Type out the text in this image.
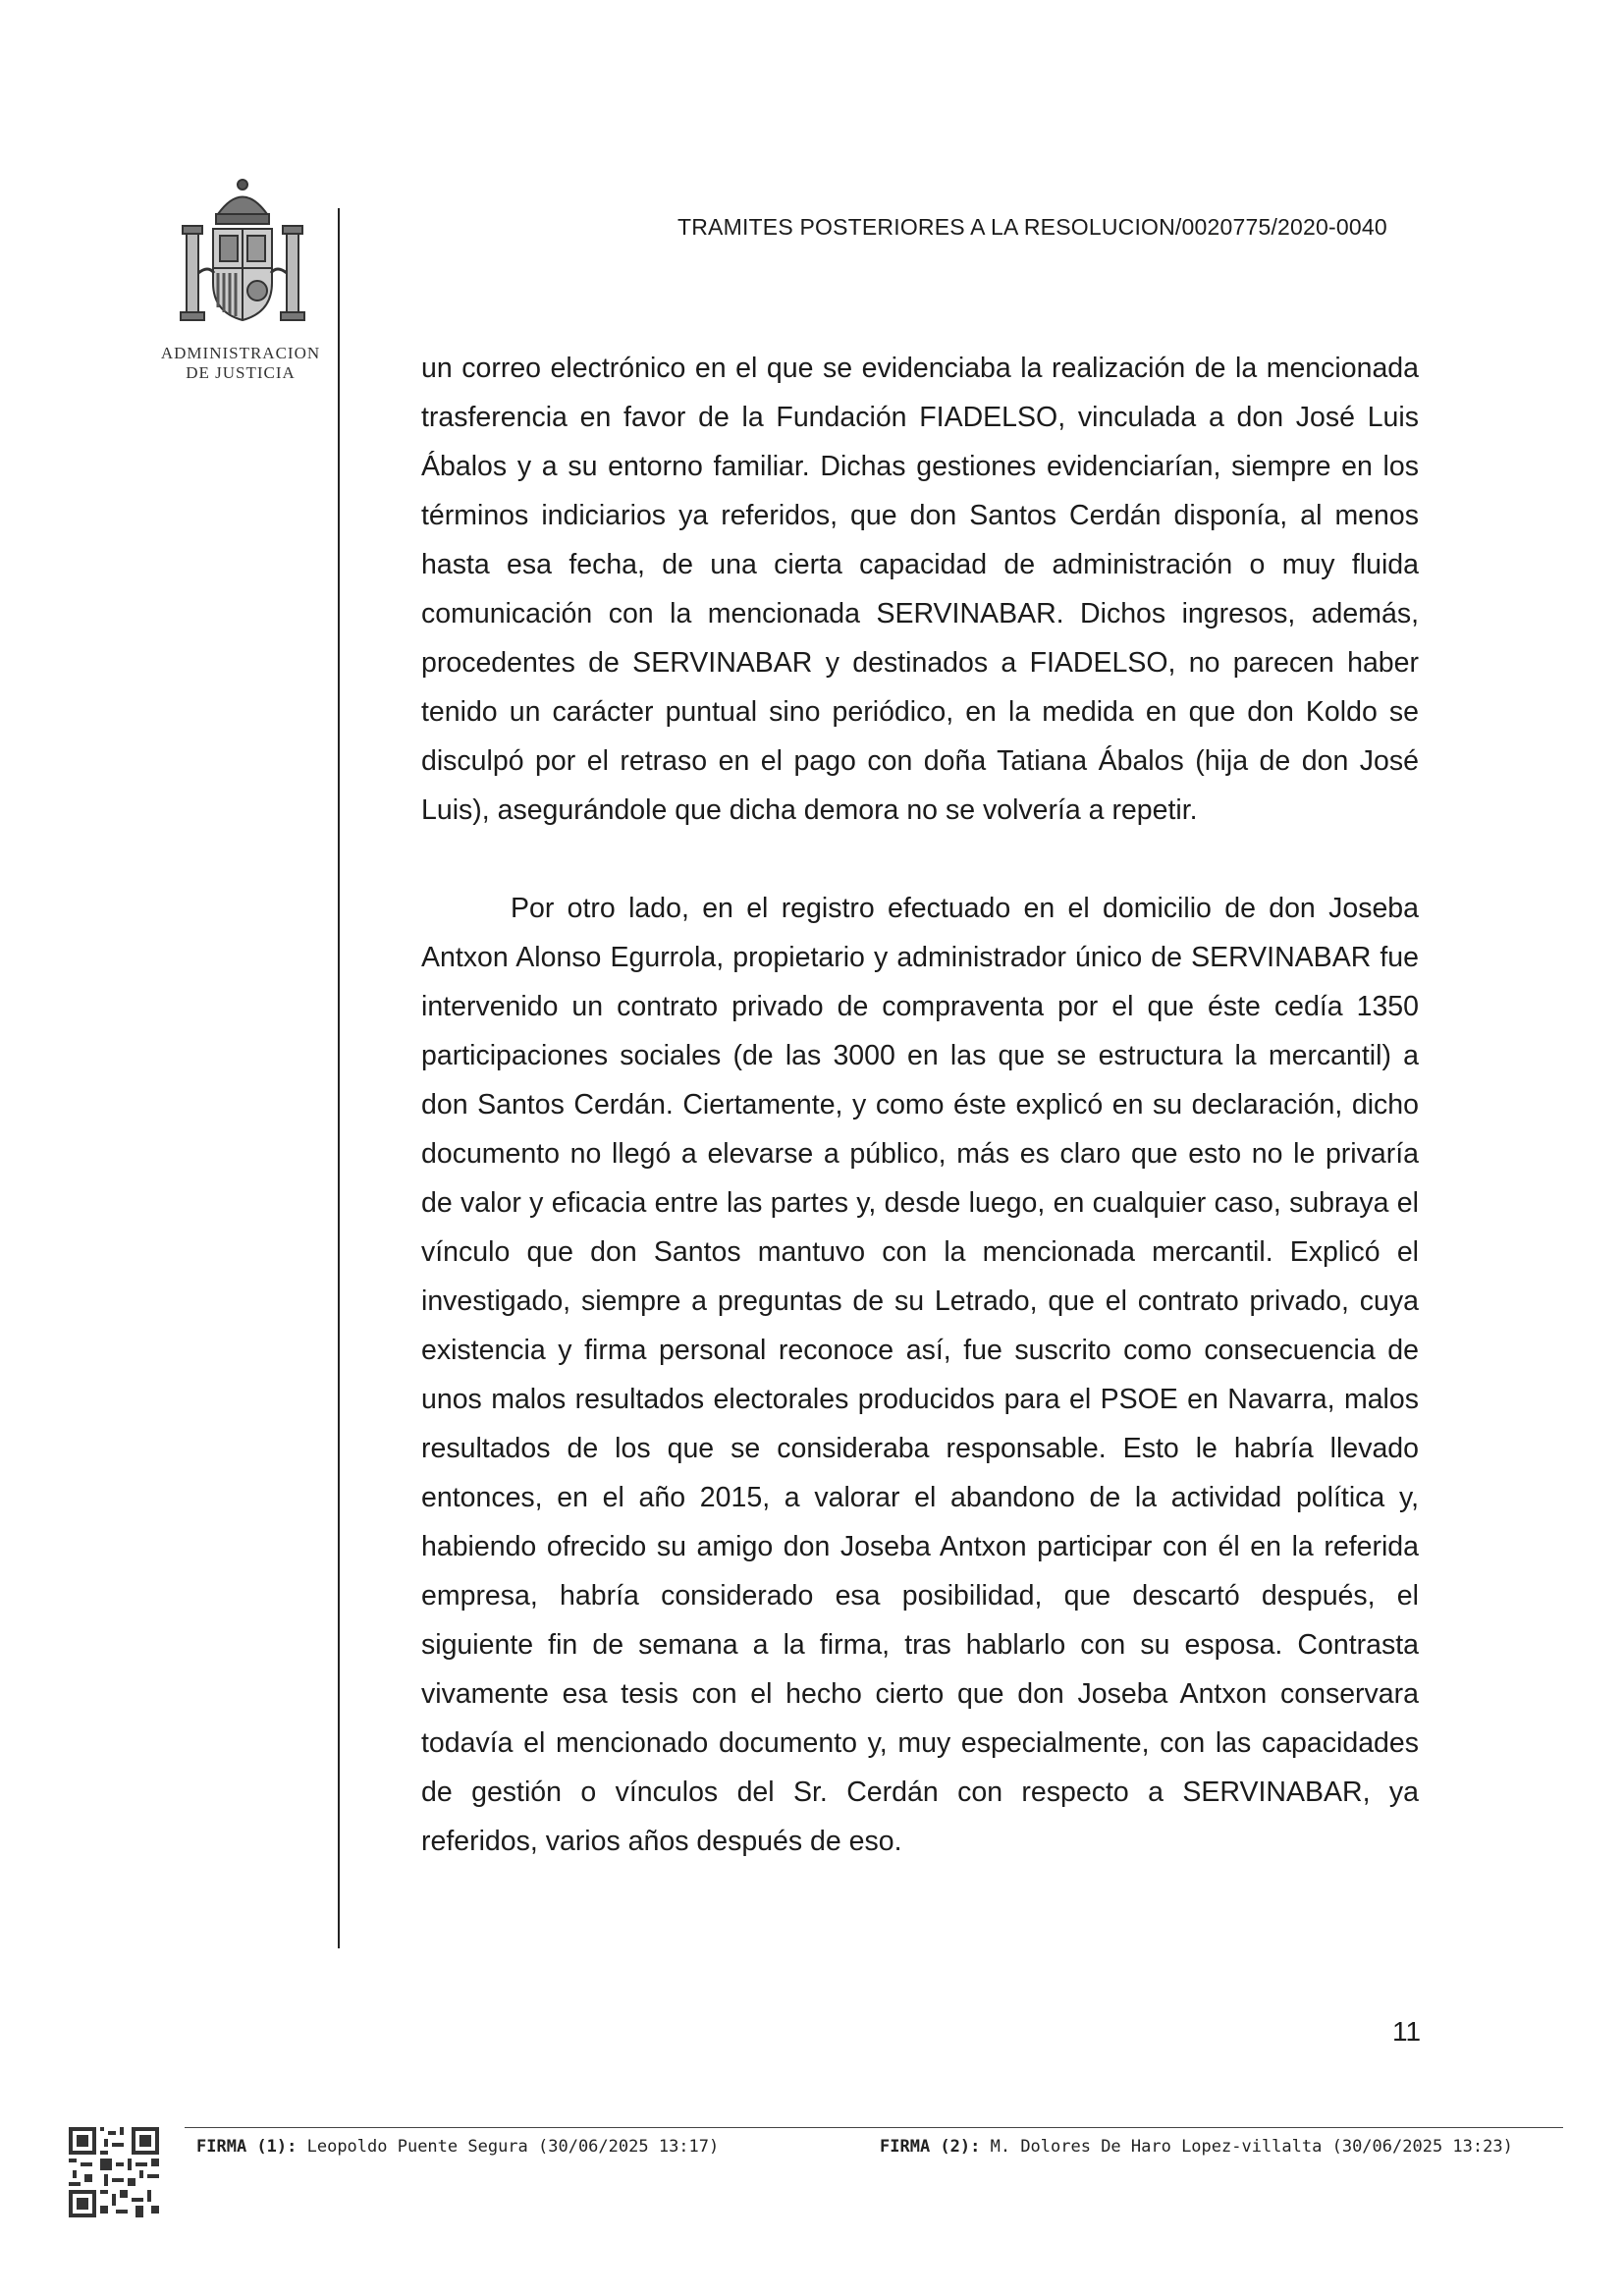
ADMINISTRACION
DE JUSTICIA
TRAMITES POSTERIORES A LA RESOLUCION/0020775/2020-0040

un correo electrónico en el que se evidenciaba la realización de la mencionada trasferencia en favor de la Fundación FIADELSO, vinculada a don José Luis Ábalos y a su entorno familiar. Dichas gestiones evidenciarían, siempre en los términos indiciarios ya referidos, que don Santos Cerdán disponía, al menos hasta esa fecha, de una cierta capacidad de administración o muy fluida comunicación con la mencionada SERVINABAR. Dichos ingresos, además, procedentes de SERVINABAR y destinados a FIADELSO, no parecen haber tenido un carácter puntual sino periódico, en la medida en que don Koldo se disculpó por el retraso en el pago con doña Tatiana Ábalos (hija de don José Luis), asegurándole que dicha demora no se volvería a repetir.

Por otro lado, en el registro efectuado en el domicilio de don Joseba Antxon Alonso Egurrola, propietario y administrador único de SERVINABAR fue intervenido un contrato privado de compraventa por el que éste cedía 1350 participaciones sociales (de las 3000 en las que se estructura la mercantil) a don Santos Cerdán. Ciertamente, y como éste explicó en su declaración, dicho documento no llegó a elevarse a público, más es claro que esto no le privaría de valor y eficacia entre las partes y, desde luego, en cualquier caso, subraya el vínculo que don Santos mantuvo con la mencionada mercantil. Explicó el investigado, siempre a preguntas de su Letrado, que el contrato privado, cuya existencia y firma personal reconoce así, fue suscrito como consecuencia de unos malos resultados electorales producidos para el PSOE en Navarra, malos resultados de los que se consideraba responsable. Esto le habría llevado entonces, en el año 2015, a valorar el abandono de la actividad política y, habiendo ofrecido su amigo don Joseba Antxon participar con él en la referida empresa, habría considerado esa posibilidad, que descartó después, el siguiente fin de semana a la firma, tras hablarlo con su esposa. Contrasta vivamente esa tesis con el hecho cierto que don Joseba Antxon conservara todavía el mencionado documento y, muy especialmente, con las capacidades de gestión o vínculos del Sr. Cerdán con respecto a SERVINABAR, ya referidos, varios años después de eso.

11
FIRMA (1): Leopoldo Puente Segura (30/06/2025 13:17)	FIRMA (2): M. Dolores De Haro Lopez-villalta (30/06/2025 13:23)
